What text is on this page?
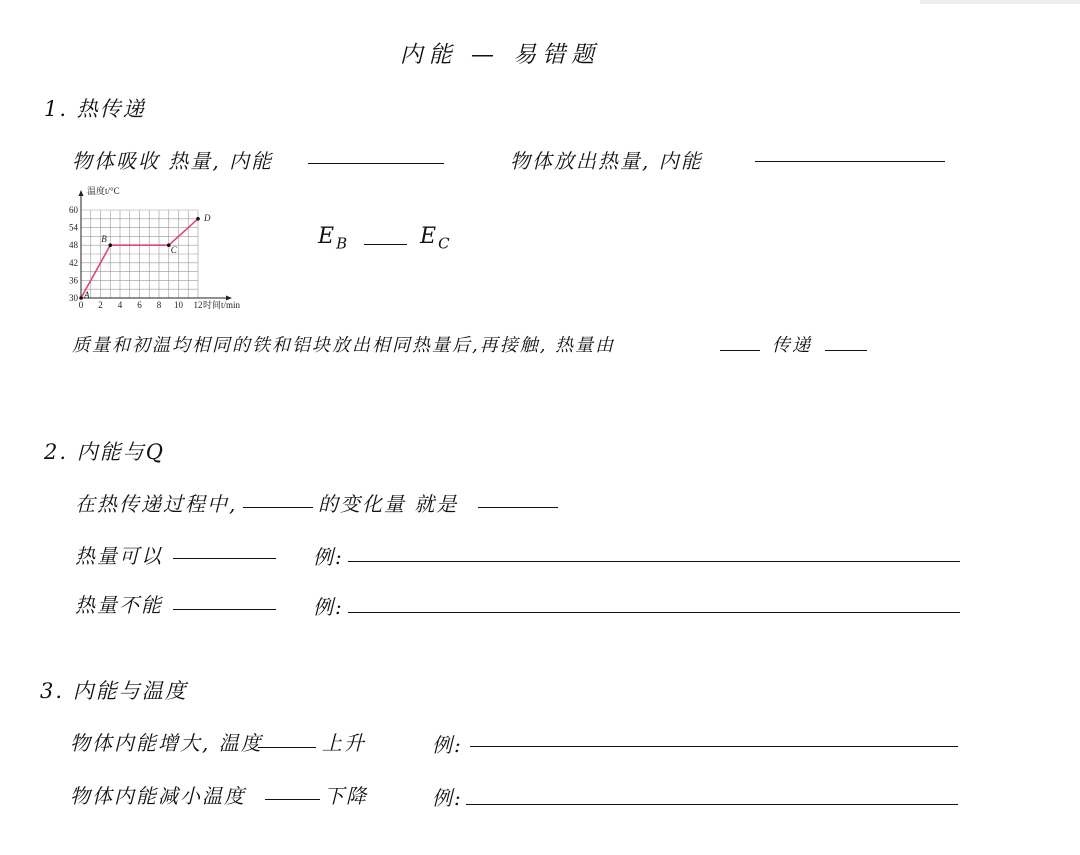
内能 — 易错题
1. 热传递
物体吸收 热量, 内能	物体放出热量, 内能
0 2 4 6 8 10 12
30
36
42
48
54
60
温度t/°C
时间t/min
A
B
C
D
$E_B$	$E_C$
质量和初温均相同的铁和铝块放出相同热量后,再接触, 热量由	传递
2. 内能与Q
在热传递过程中,	的变化量 就是
热量可以	例:
热量不能	例:
3. 内能与温度
物体内能增大, 温度	上升	例:
物体内能减小温度	下降	例:
